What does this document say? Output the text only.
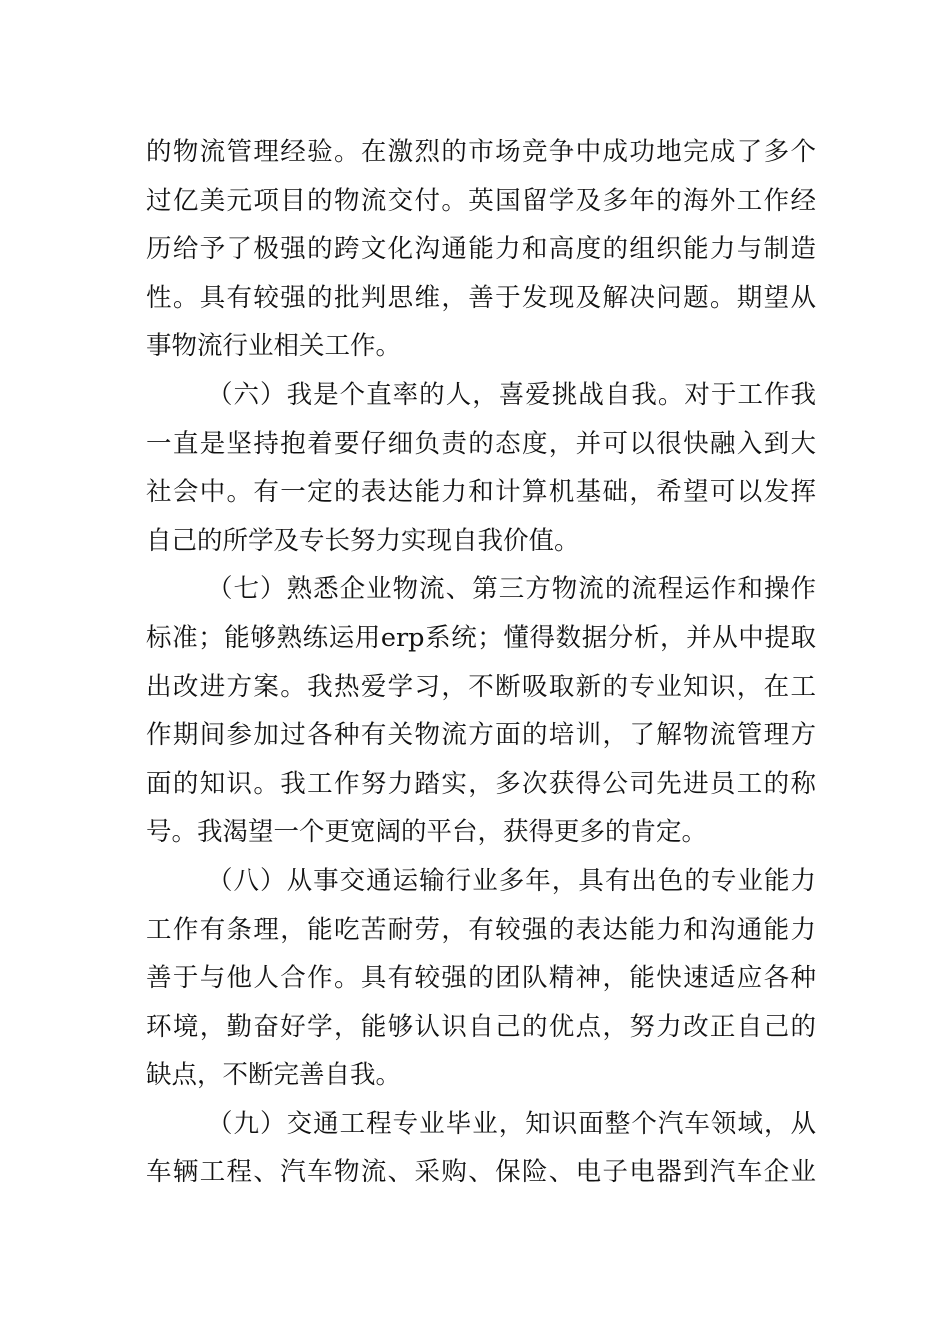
的物流管理经验。在激烈的市场竞争中成功地完成了多个
过亿美元项目的物流交付。英国留学及多年的海外工作经
历给予了极强的跨文化沟通能力和高度的组织能力与制造
性。具有较强的批判思维，善于发现及解决问题。期望从
事物流行业相关工作。
（六）我是个直率的人，喜爱挑战自我。对于工作我
一直是坚持抱着要仔细负责的态度，并可以很快融入到大
社会中。有一定的表达能力和计算机基础，希望可以发挥
自己的所学及专长努力实现自我价值。
（七）熟悉企业物流、第三方物流的流程运作和操作
标准；能够熟练运用erp系统；懂得数据分析，并从中提取
出改进方案。我热爱学习，不断吸取新的专业知识，在工
作期间参加过各种有关物流方面的培训，了解物流管理方
面的知识。我工作努力踏实，多次获得公司先进员工的称
号。我渴望一个更宽阔的平台，获得更多的肯定。
（八）从事交通运输行业多年，具有出色的专业能力
工作有条理，能吃苦耐劳，有较强的表达能力和沟通能力
善于与他人合作。具有较强的团队精神，能快速适应各种
环境，勤奋好学，能够认识自己的优点，努力改正自己的
缺点，不断完善自我。
（九）交通工程专业毕业，知识面整个汽车领域，从
车辆工程、汽车物流、采购、保险、电子电器到汽车企业
